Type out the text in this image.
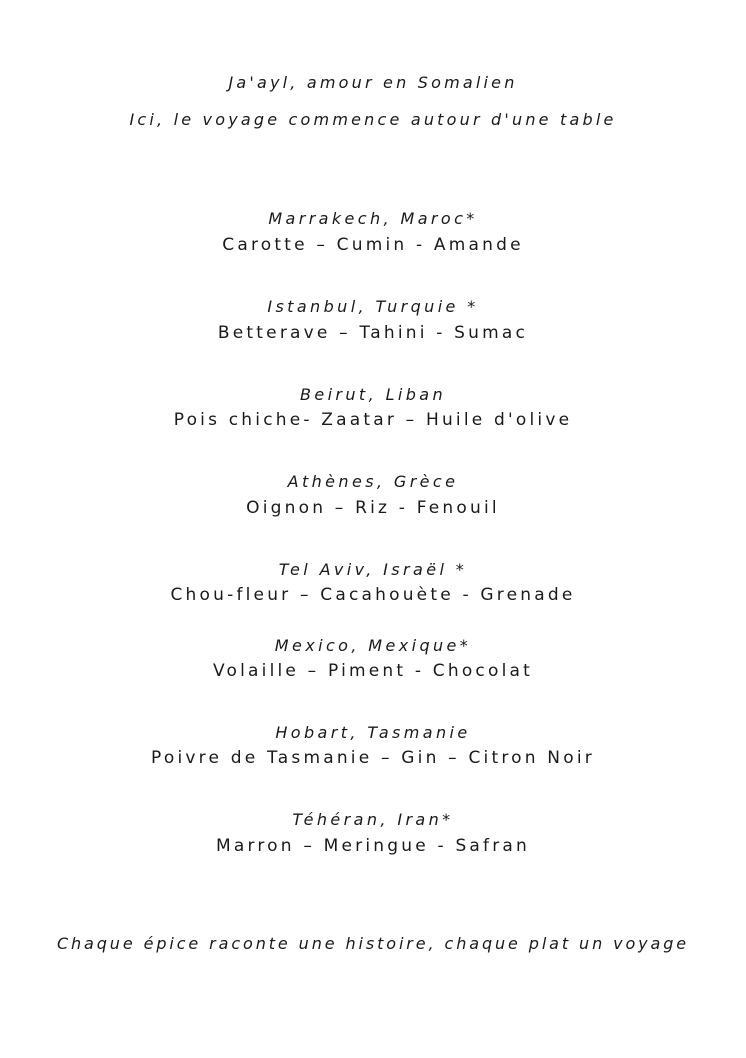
Ja'ayl, amour en Somalien
Ici, le voyage commence autour d'une table
Marrakech, Maroc*
Carotte – Cumin - Amande
Istanbul, Turquie *
Betterave – Tahini - Sumac
Beirut, Liban
Pois chiche- Zaatar – Huile d'olive
Athènes, Grèce
Oignon – Riz - Fenouil
Tel Aviv, Israël *
Chou-fleur – Cacahouète - Grenade
Mexico, Mexique*
Volaille – Piment - Chocolat
Hobart, Tasmanie
Poivre de Tasmanie – Gin – Citron Noir
Téhéran, Iran*
Marron – Meringue - Safran
Chaque épice raconte une histoire, chaque plat un voyage
